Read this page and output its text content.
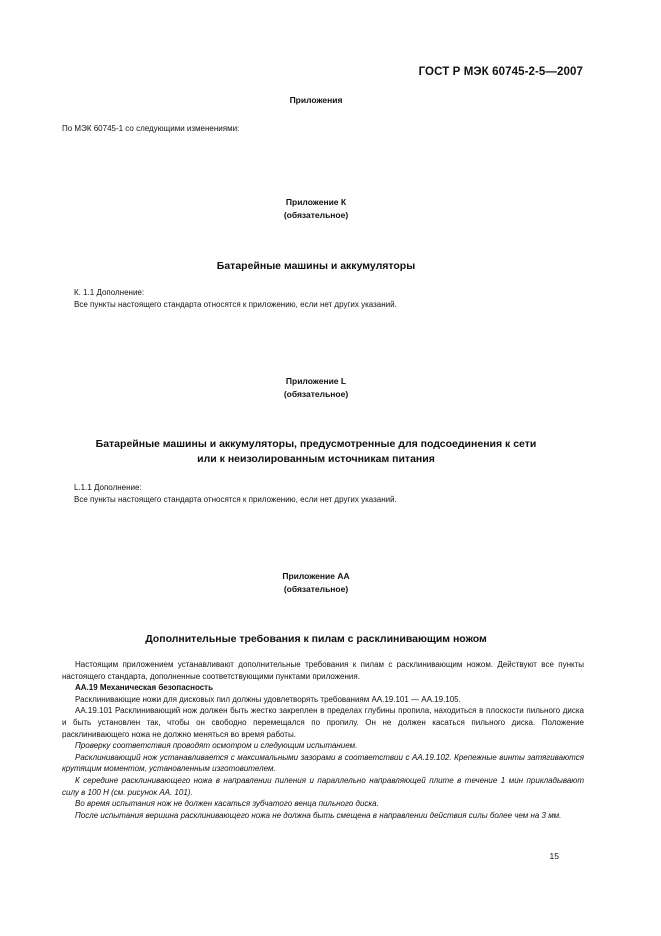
ГОСТ Р МЭК 60745-2-5—2007
Приложения
По МЭК 60745-1 со следующими изменениями:
Приложение К
(обязательное)
Батарейные машины и аккумуляторы
К. 1.1 Дополнение:
Все пункты настоящего стандарта относятся к приложению, если нет других указаний.
Приложение L
(обязательное)
Батарейные машины и аккумуляторы, предусмотренные для подсоединения к сети
или к неизолированным источникам питания
L.1.1 Дополнение:
Все пункты настоящего стандарта относятся к приложению, если нет других указаний.
Приложение АА
(обязательное)
Дополнительные требования к пилам с расклинивающим ножом

Настоящим приложением устанавливают дополнительные требования к пилам с расклинивающим ножом. Действуют все пункты настоящего стандарта, дополненные соответствующими пунктами приложения.

АА.19 Механическая безопасность

Расклинивающие ножи для дисковых пил должны удовлетворять требованиям АА.19.101 — АА.19.105.

АА.19.101 Расклинивающий нож должен быть жестко закреплен в пределах глубины пропила, находиться в плоскости пильного диска и быть установлен так, чтобы он свободно перемещался по пропилу. Он не должен касаться пильного диска. Положение расклинивающего ножа не должно меняться во время работы.

Проверку соответствия проводят осмотром и следующим испытанием.

Расклинивающий нож устанавливается с максимальными зазорами в соответствии с АА.19.102. Крепежные винты затягиваются крутящим моментом, установленным изготовителем.

К середине расклинивающего ножа в направлении пиления и параллельно направляющей плите в течение 1 мин прикладывают силу в 100 Н (см. рисунок АА. 101).

Во время испытания нож не должен касаться зубчатого венца пильного диска.

После испытания вершина расклинивающего ножа не должна быть смещена в направлении действия силы более чем на 3 мм.

15
